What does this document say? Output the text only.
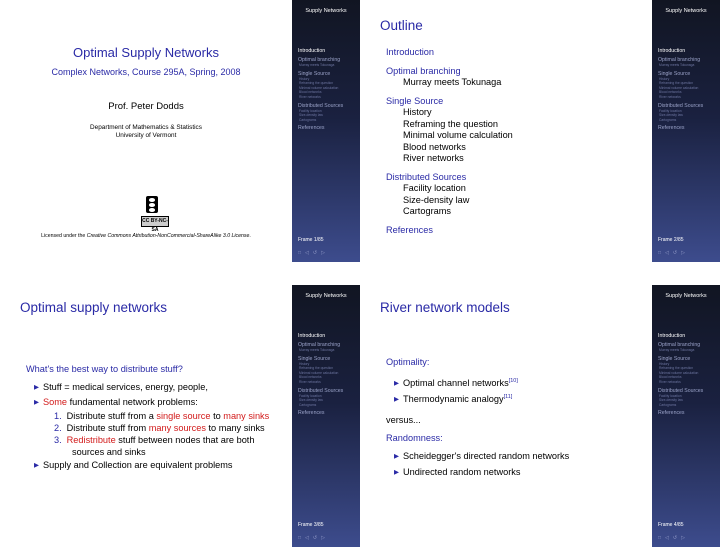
Optimal Supply Networks
Complex Networks, Course 295A, Spring, 2008
Prof. Peter Dodds
Department of Mathematics & Statistics
University of Vermont
CC BY-NC-SA
Licensed under the Creative Commons Attribution-NonCommercial-ShareAlike 3.0 License.
Supply Networks
Introduction
Optimal branching
Murray meets Tokunaga
Single Source
History
Reframing the question
Minimal volume calculation
Blood networks
River networks
Distributed Sources
Facility location
Size-density law
Cartograms
References
Frame 1/85
□ ◁ ↺ ▷
Outline
Introduction
Optimal branching
Murray meets Tokunaga
Single Source
History
Reframing the question
Minimal volume calculation
Blood networks
River networks
Distributed Sources
Facility location
Size-density law
Cartograms
References
Supply Networks
Introduction
Optimal branching
Murray meets Tokunaga
Single Source
History
Reframing the question
Minimal volume calculation
Blood networks
River networks
Distributed Sources
Facility location
Size-density law
Cartograms
References
Frame 2/85
□ ◁ ↺ ▷
Optimal supply networks
What's the best way to distribute stuff?
▶ Stuff = medical services, energy, people,
▶ Some fundamental network problems:
1. Distribute stuff from a single source to many sinks
2. Distribute stuff from many sources to many sinks
3. Redistribute stuff between nodes that are both
sources and sinks
▶ Supply and Collection are equivalent problems
Supply Networks
Introduction
Optimal branching
Murray meets Tokunaga
Single Source
History
Reframing the question
Minimal volume calculation
Blood networks
River networks
Distributed Sources
Facility location
Size-density law
Cartograms
References
Frame 3/85
□ ◁ ↺ ▷
River network models
Optimality:
▶ Optimal channel networks[10]
▶ Thermodynamic analogy[11]
versus...
Randomness:
▶ Scheidegger's directed random networks
▶ Undirected random networks
Supply Networks
Introduction
Optimal branching
Murray meets Tokunaga
Single Source
History
Reframing the question
Minimal volume calculation
Blood networks
River networks
Distributed Sources
Facility location
Size-density law
Cartograms
References
Frame 4/85
□ ◁ ↺ ▷
